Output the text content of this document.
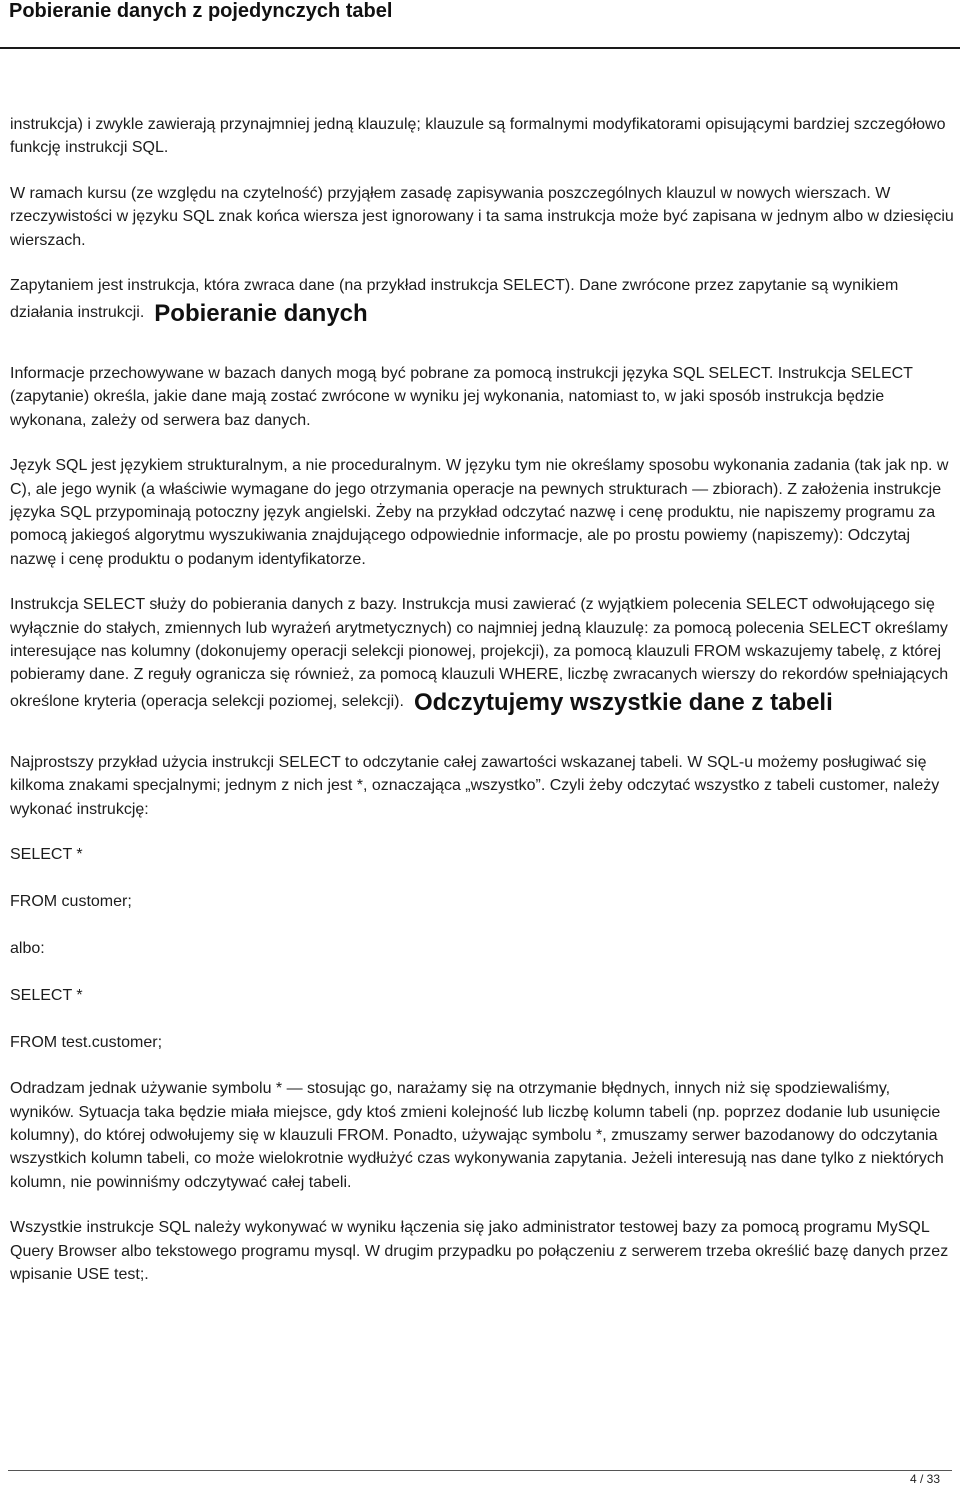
Pobieranie danych z pojedynczych tabel

instrukcja) i zwykle zawierają przynajmniej jedną klauzulę; klauzule są formalnymi modyfikatorami opisującymi bardziej szczegółowo funkcję instrukcji SQL.

W ramach kursu (ze względu na czytelność) przyjąłem zasadę zapisywania poszczególnych klauzul w nowych wierszach. W rzeczywistości w języku SQL znak końca wiersza jest ignorowany i ta sama instrukcja może być zapisana w jednym albo w dziesięciu wierszach.

Zapytaniem jest instrukcja, która zwraca dane (na przykład instrukcja SELECT). Dane zwrócone przez zapytanie są wynikiem działania instrukcji. Pobieranie danych

Informacje przechowywane w bazach danych mogą być pobrane za pomocą instrukcji języka SQL SELECT. Instrukcja SELECT (zapytanie) określa, jakie dane mają zostać zwrócone w wyniku jej wykonania, natomiast to, w jaki sposób instrukcja będzie wykonana, zależy od serwera baz danych.

Język SQL jest językiem strukturalnym, a nie proceduralnym. W języku tym nie określamy sposobu wykonania zadania (tak jak np. w C), ale jego wynik (a właściwie wymagane do jego otrzymania operacje na pewnych strukturach — zbiorach). Z założenia instrukcje języka SQL przypominają potoczny język angielski. Żeby na przykład odczytać nazwę i cenę produktu, nie napiszemy programu za pomocą jakiegoś algorytmu wyszukiwania znajdującego odpowiednie informacje, ale po prostu powiemy (napiszemy): Odczytaj nazwę i cenę produktu o podanym identyfikatorze.

Instrukcja SELECT służy do pobierania danych z bazy. Instrukcja musi zawierać (z wyjątkiem polecenia SELECT odwołującego się wyłącznie do stałych, zmiennych lub wyrażeń arytmetycznych) co najmniej jedną klauzulę: za pomocą polecenia SELECT określamy interesujące nas kolumny (dokonujemy operacji selekcji pionowej, projekcji), za pomocą klauzuli FROM wskazujemy tabelę, z której pobieramy dane. Z reguły ogranicza się również, za pomocą klauzuli WHERE, liczbę zwracanych wierszy do rekordów spełniających określone kryteria (operacja selekcji poziomej, selekcji). Odczytujemy wszystkie dane z tabeli

Najprostszy przykład użycia instrukcji SELECT to odczytanie całej zawartości wskazanej tabeli. W SQL-u możemy posługiwać się kilkoma znakami specjalnymi; jednym z nich jest *, oznaczająca „wszystko”. Czyli żeby odczytać wszystko z tabeli customer, należy wykonać instrukcję:

SELECT *

FROM customer;

albo:

SELECT *

FROM test.customer;

Odradzam jednak używanie symbolu * — stosując go, narażamy się na otrzymanie błędnych, innych niż się spodziewaliśmy, wyników. Sytuacja taka będzie miała miejsce, gdy ktoś zmieni kolejność lub liczbę kolumn tabeli (np. poprzez dodanie lub usunięcie kolumny), do której odwołujemy się w klauzuli FROM. Ponadto, używając symbolu *, zmuszamy serwer bazodanowy do odczytania wszystkich kolumn tabeli, co może wielokrotnie wydłużyć czas wykonywania zapytania. Jeżeli interesują nas dane tylko z niektórych kolumn, nie powinniśmy odczytywać całej tabeli.

Wszystkie instrukcje SQL należy wykonywać w wyniku łączenia się jako administrator testowej bazy za pomocą programu MySQL Query Browser albo tekstowego programu mysql. W drugim przypadku po połączeniu z serwerem trzeba określić bazę danych przez wpisanie USE test;.

4 / 33
